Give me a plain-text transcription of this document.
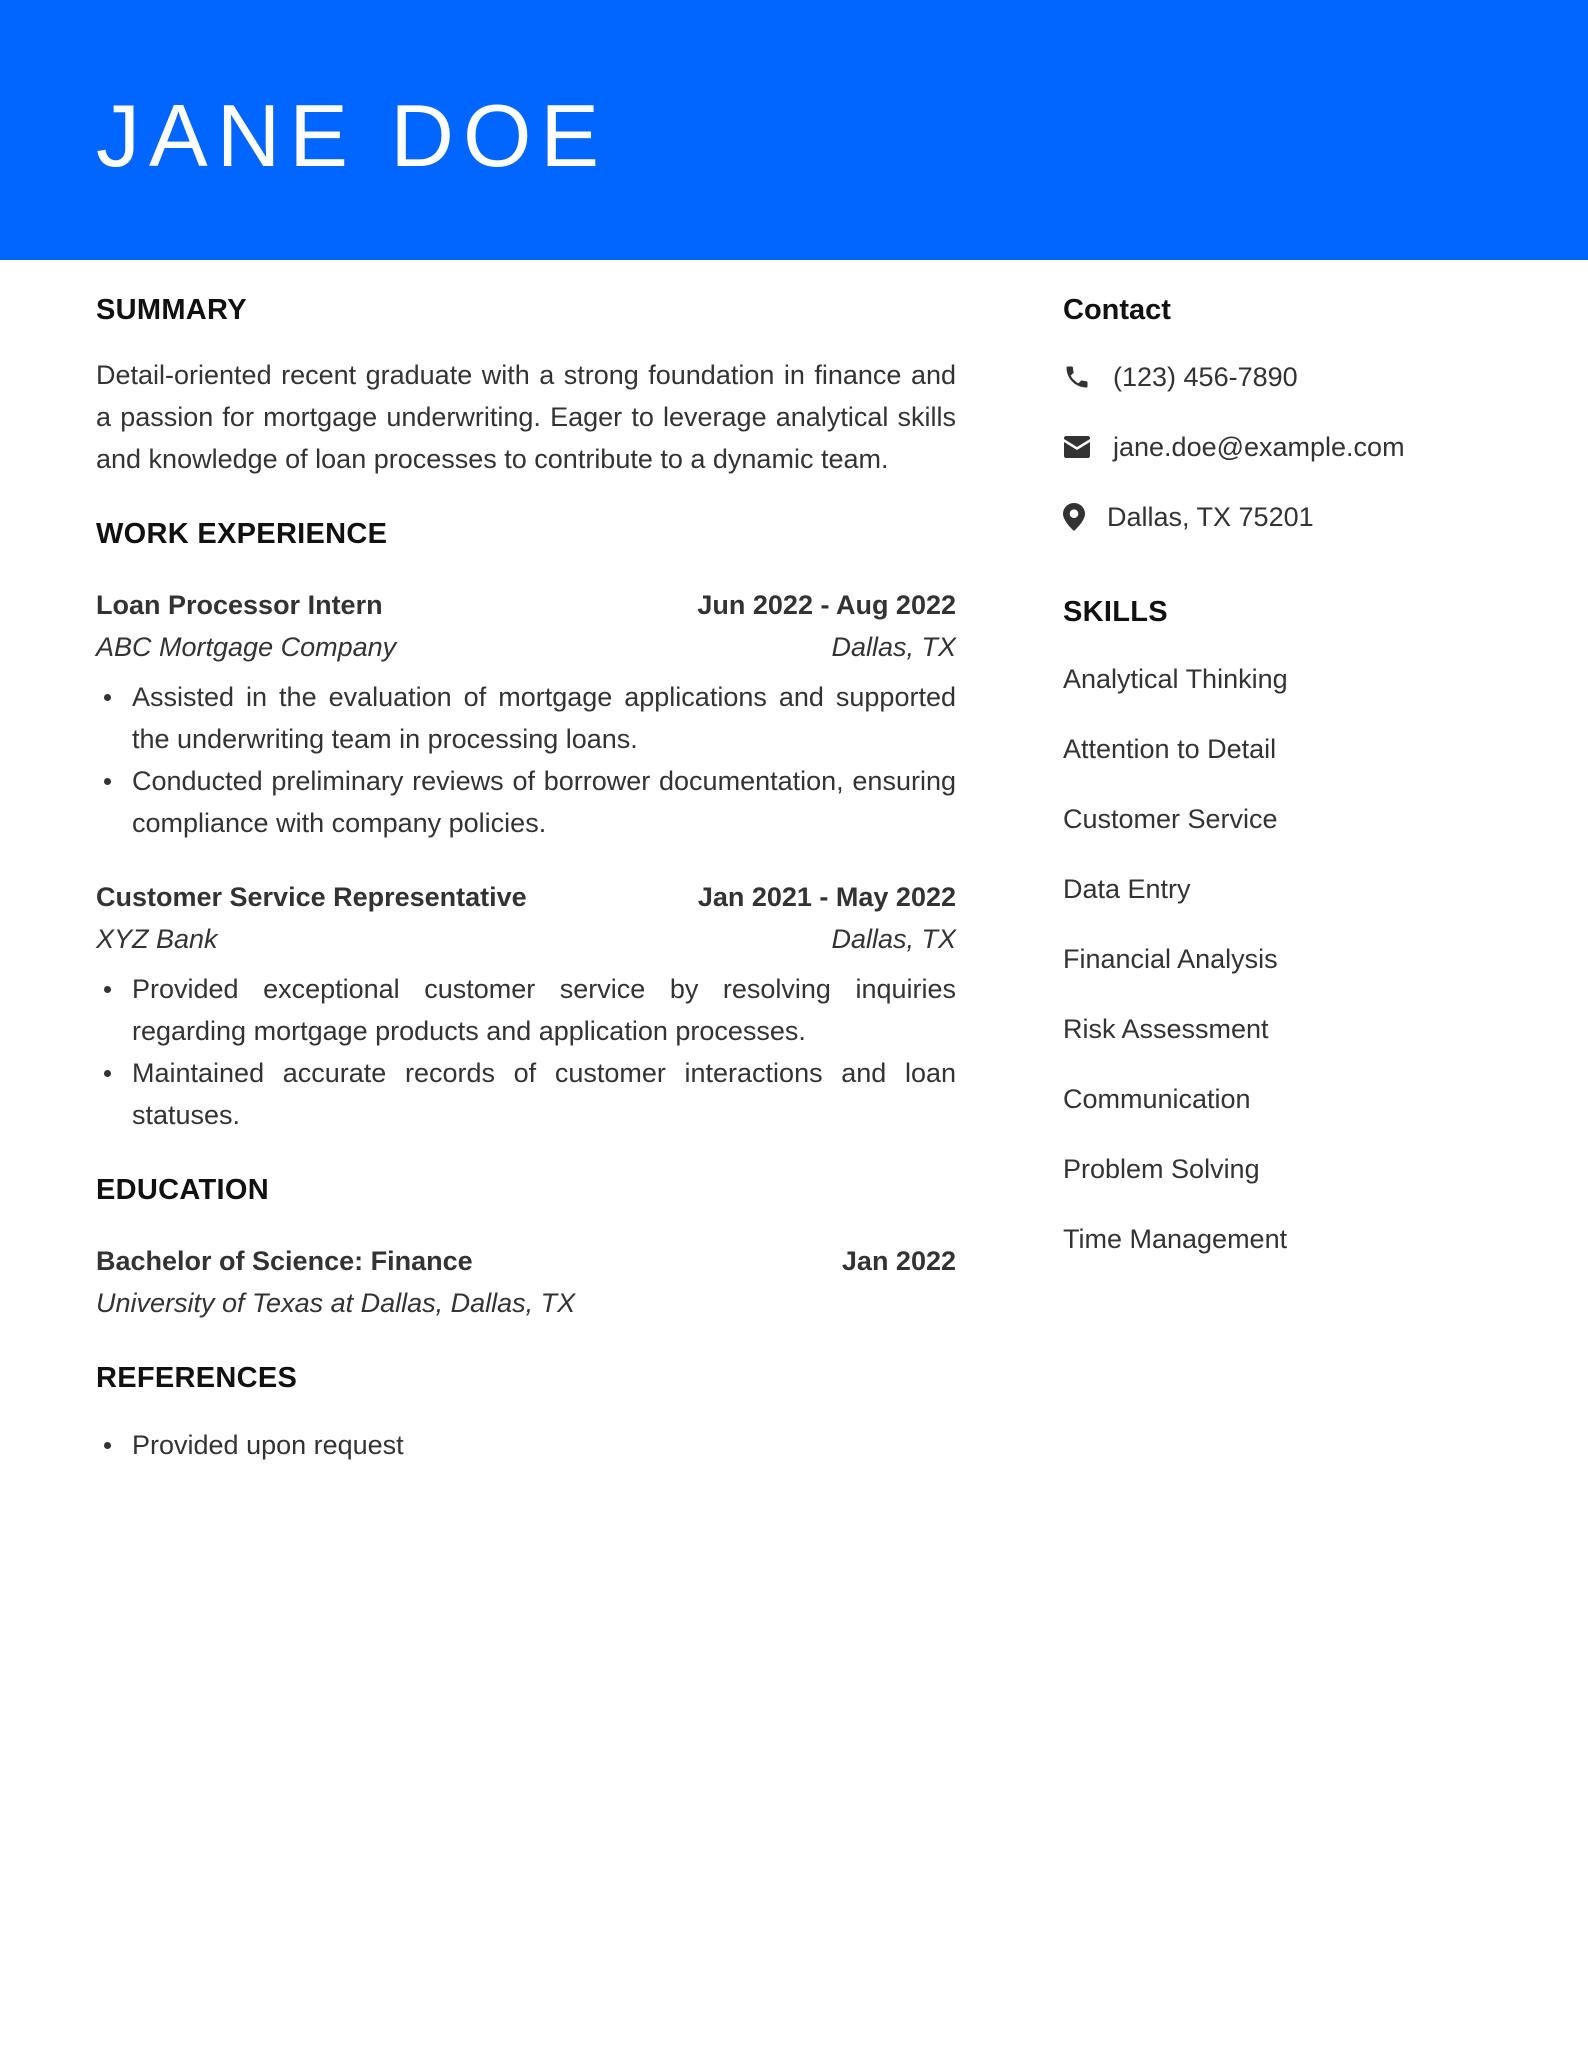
JANE DOE
SUMMARY

Detail-oriented recent graduate with a strong foundation in finance and a passion for mortgage underwriting. Eager to leverage analytical skills and knowledge of loan processes to contribute to a dynamic team.

WORK EXPERIENCE
Loan Processor Intern	Jun 2022 - Aug 2022
ABC Mortgage Company	Dallas, TX
Assisted in the evaluation of mortgage applications and supported the underwriting team in processing loans.
Conducted preliminary reviews of borrower documentation, ensuring compliance with company policies.
Customer Service Representative	Jan 2021 - May 2022
XYZ Bank	Dallas, TX
Provided exceptional customer service by resolving inquiries regarding mortgage products and application processes.
Maintained accurate records of customer interactions and loan statuses.
EDUCATION
Bachelor of Science: Finance	Jan 2022
University of Texas at Dallas, Dallas, TX
REFERENCES
Provided upon request
Contact
(123) 456-7890
jane.doe@example.com
Dallas, TX 75201
SKILLS
Analytical Thinking
Attention to Detail
Customer Service
Data Entry
Financial Analysis
Risk Assessment
Communication
Problem Solving
Time Management
